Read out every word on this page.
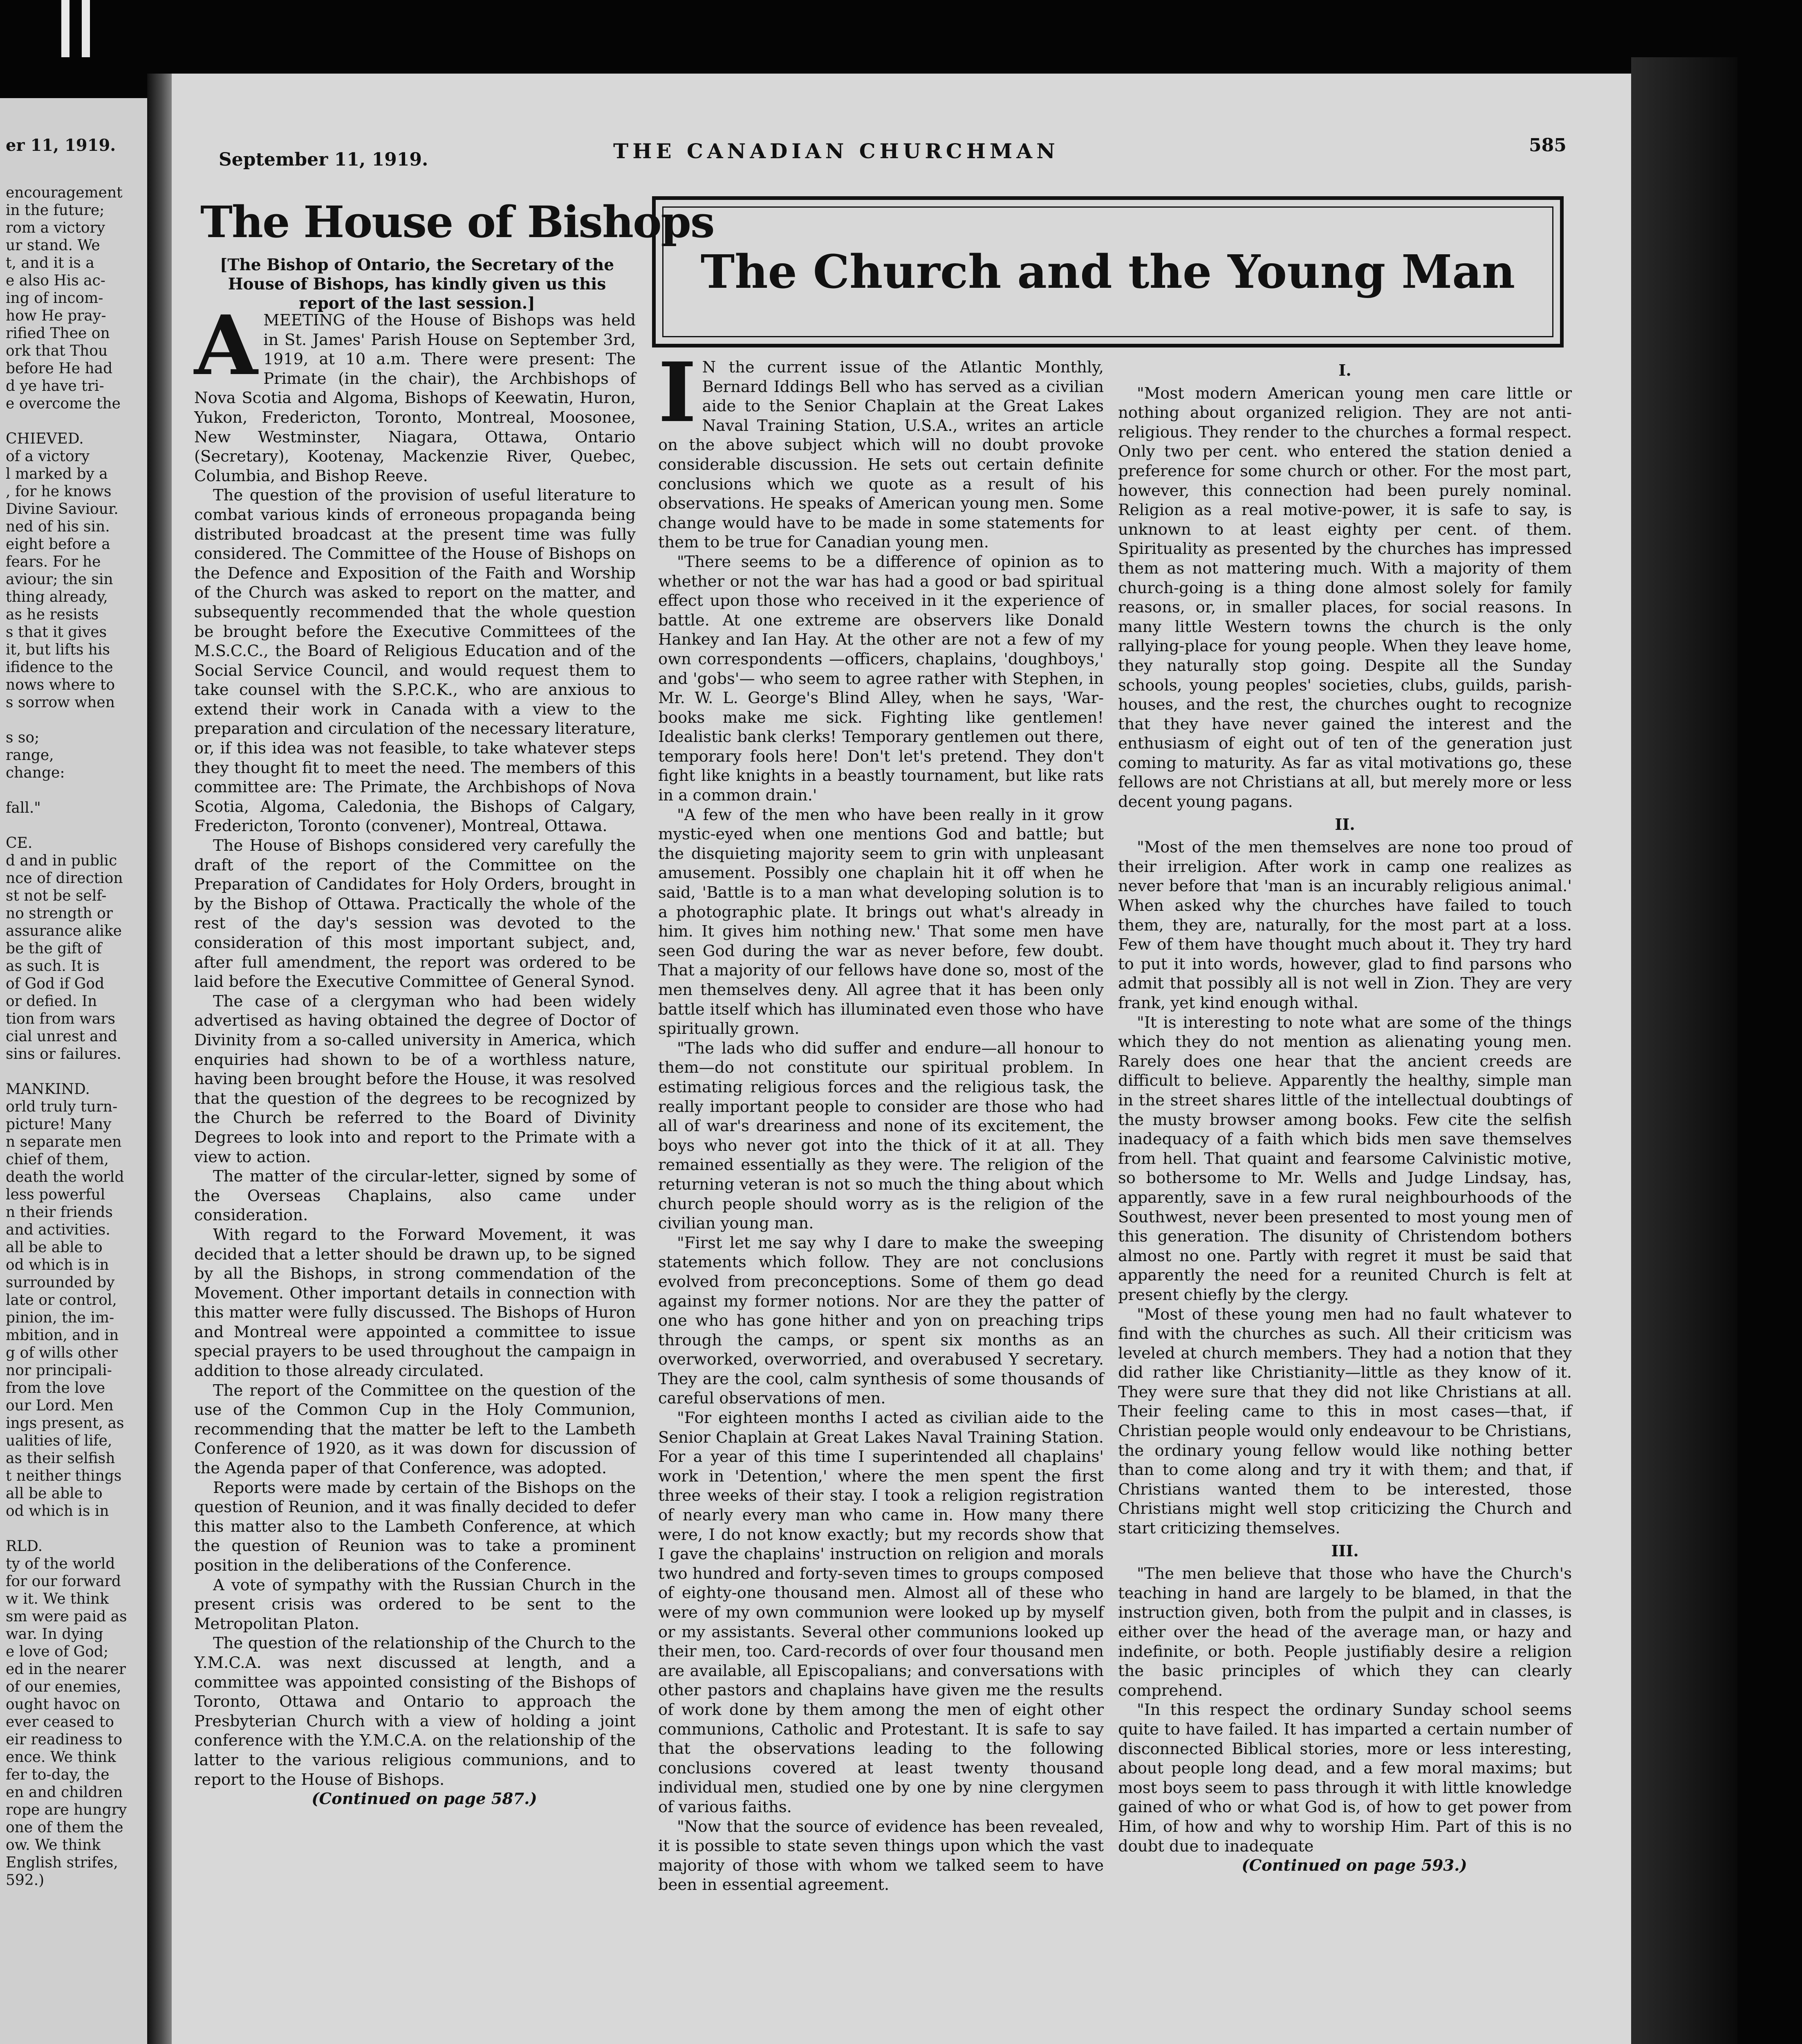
er 11, 1919.
encouragement
in the future;
rom a victory
ur stand. We
t, and it is a
e also His ac-
ing of incom-
how He pray-
rified Thee on
ork that Thou
before He had
d ye have tri-
e overcome the

CHIEVED.
of a victory
l marked by a
, for he knows
Divine Saviour.
ned of his sin.
eight before a
fears. For he
aviour; the sin
thing already,
as he resists
s that it gives
it, but lifts his
ifidence to the
nows where to
s sorrow when

s so;
range,
change:

fall."

CE.
d and in public
nce of direction
st not be self-
no strength or
assurance alike
be the gift of
as such. It is
of God if God
or defied. In
tion from wars
cial unrest and
sins or failures.

MANKIND.
orld truly turn-
picture! Many
n separate men
chief of them,
death the world
less powerful
n their friends
and activities.
all be able to
od which is in
surrounded by
late or control,
pinion, the im-
mbition, and in
g of wills other
nor principali-
from the love
our Lord. Men
ings present, as
ualities of life,
as their selfish
t neither things
all be able to
od which is in

RLD.
ty of the world
for our forward
w it. We think
sm were paid as
war. In dying
e love of God;
ed in the nearer
of our enemies,
ought havoc on
ever ceased to
eir readiness to
ence. We think
fer to-day, the
en and children
rope are hungry
one of them the
ow. We think
English strifes,
592.)
September 11, 1919.	THE CANADIAN CHURCHMAN	585
The House of Bishops
[The Bishop of Ontario, the Secretary of the House of Bishops, has kindly given us this report of the last session.]

AMEETING of the House of Bishops was held in St. James' Parish House on September 3rd, 1919, at 10 a.m. There were present: The Primate (in the chair), the Archbishops of Nova Scotia and Algoma, Bishops of Keewatin, Huron, Yukon, Fredericton, Toronto, Montreal, Moosonee, New Westminster, Niagara, Ottawa, Ontario (Secretary), Kootenay, Mackenzie River, Quebec, Columbia, and Bishop Reeve.

The question of the provision of useful literature to combat various kinds of erroneous propaganda being distributed broadcast at the present time was fully considered. The Committee of the House of Bishops on the Defence and Exposition of the Faith and Worship of the Church was asked to report on the matter, and subsequently recommended that the whole question be brought before the Executive Committees of the M.S.C.C., the Board of Religious Education and of the Social Service Council, and would request them to take counsel with the S.P.C.K., who are anxious to extend their work in Canada with a view to the preparation and circulation of the necessary literature, or, if this idea was not feasible, to take whatever steps they thought fit to meet the need. The members of this committee are: The Primate, the Archbishops of Nova Scotia, Algoma, Caledonia, the Bishops of Calgary, Fredericton, Toronto (convener), Montreal, Ottawa.

The House of Bishops considered very carefully the draft of the report of the Committee on the Preparation of Candidates for Holy Orders, brought in by the Bishop of Ottawa. Practically the whole of the rest of the day's session was devoted to the consideration of this most important subject, and, after full amendment, the report was ordered to be laid before the Executive Committee of General Synod.

The case of a clergyman who had been widely advertised as having obtained the degree of Doctor of Divinity from a so-called university in America, which enquiries had shown to be of a worthless nature, having been brought before the House, it was resolved that the question of the degrees to be recognized by the Church be referred to the Board of Divinity Degrees to look into and report to the Primate with a view to action.

The matter of the circular-letter, signed by some of the Overseas Chaplains, also came under consideration.

With regard to the Forward Movement, it was decided that a letter should be drawn up, to be signed by all the Bishops, in strong commendation of the Movement. Other important details in connection with this matter were fully discussed. The Bishops of Huron and Montreal were appointed a committee to issue special prayers to be used throughout the campaign in addition to those already circulated.

The report of the Committee on the question of the use of the Common Cup in the Holy Communion, recommending that the matter be left to the Lambeth Conference of 1920, as it was down for discussion of the Agenda paper of that Conference, was adopted.

Reports were made by certain of the Bishops on the question of Reunion, and it was finally decided to defer this matter also to the Lambeth Conference, at which the question of Reunion was to take a prominent position in the deliberations of the Conference.

A vote of sympathy with the Russian Church in the present crisis was ordered to be sent to the Metropolitan Platon.

The question of the relationship of the Church to the Y.M.C.A. was next discussed at length, and a committee was appointed consisting of the Bishops of Toronto, Ottawa and Ontario to approach the Presbyterian Church with a view of holding a joint conference with the Y.M.C.A. on the relationship of the latter to the various religious communions, and to report to the House of Bishops.

(Continued on page 587.)

The Church and the Young Man

I N the current issue of the Atlantic Monthly, Bernard Iddings Bell who has served as a civilian aide to the Senior Chaplain at the Great Lakes Naval Training Station, U.S.A., writes an article on the above subject which will no doubt provoke considerable discussion. He sets out certain definite conclusions which we quote as a result of his observations. He speaks of American young men. Some change would have to be made in some statements for them to be true for Canadian young men.

"There seems to be a difference of opinion as to whether or not the war has had a good or bad spiritual effect upon those who received in it the experience of battle. At one extreme are observers like Donald Hankey and Ian Hay. At the other are not a few of my own correspondents —officers, chaplains, 'doughboys,' and 'gobs'— who seem to agree rather with Stephen, in Mr. W. L. George's Blind Alley, when he says, 'War-books make me sick. Fighting like gentlemen! Idealistic bank clerks! Temporary gentlemen out there, temporary fools here! Don't let's pretend. They don't fight like knights in a beastly tournament, but like rats in a common drain.'

"A few of the men who have been really in it grow mystic-eyed when one mentions God and battle; but the disquieting majority seem to grin with unpleasant amusement. Possibly one chaplain hit it off when he said, 'Battle is to a man what developing solution is to a photographic plate. It brings out what's already in him. It gives him nothing new.' That some men have seen God during the war as never before, few doubt. That a majority of our fellows have done so, most of the men themselves deny. All agree that it has been only battle itself which has illuminated even those who have spiritually grown.

"The lads who did suffer and endure—all honour to them—do not constitute our spiritual problem. In estimating religious forces and the religious task, the really important people to consider are those who had all of war's dreariness and none of its excitement, the boys who never got into the thick of it at all. They remained essentially as they were. The religion of the returning veteran is not so much the thing about which church people should worry as is the religion of the civilian young man.

"First let me say why I dare to make the sweeping statements which follow. They are not conclusions evolved from preconceptions. Some of them go dead against my former notions. Nor are they the patter of one who has gone hither and yon on preaching trips through the camps, or spent six months as an overworked, overworried, and overabused Y secretary. They are the cool, calm synthesis of some thousands of careful observations of men.

"For eighteen months I acted as civilian aide to the Senior Chaplain at Great Lakes Naval Training Station. For a year of this time I superintended all chaplains' work in 'Detention,' where the men spent the first three weeks of their stay. I took a religion registration of nearly every man who came in. How many there were, I do not know exactly; but my records show that I gave the chaplains' instruction on religion and morals two hundred and forty-seven times to groups composed of eighty-one thousand men. Almost all of these who were of my own communion were looked up by myself or my assistants. Several other communions looked up their men, too. Card-records of over four thousand men are available, all Episcopalians; and conversations with other pastors and chaplains have given me the results of work done by them among the men of eight other communions, Catholic and Protestant. It is safe to say that the observations leading to the following conclusions covered at least twenty thousand individual men, studied one by one by nine clergymen of various faiths.

"Now that the source of evidence has been revealed, it is possible to state seven things upon which the vast majority of those with whom we talked seem to have been in essential agreement.

I.

"Most modern American young men care little or nothing about organized religion. They are not anti-religious. They render to the churches a formal respect. Only two per cent. who entered the station denied a preference for some church or other. For the most part, however, this connection had been purely nominal. Religion as a real motive-power, it is safe to say, is unknown to at least eighty per cent. of them. Spirituality as presented by the churches has impressed them as not mattering much. With a majority of them church-going is a thing done almost solely for family reasons, or, in smaller places, for social reasons. In many little Western towns the church is the only rallying-place for young people. When they leave home, they naturally stop going. Despite all the Sunday schools, young peoples' societies, clubs, guilds, parish-houses, and the rest, the churches ought to recognize that they have never gained the interest and the enthusiasm of eight out of ten of the generation just coming to maturity. As far as vital motivations go, these fellows are not Christians at all, but merely more or less decent young pagans.

II.

"Most of the men themselves are none too proud of their irreligion. After work in camp one realizes as never before that 'man is an incurably religious animal.' When asked why the churches have failed to touch them, they are, naturally, for the most part at a loss. Few of them have thought much about it. They try hard to put it into words, however, glad to find parsons who admit that possibly all is not well in Zion. They are very frank, yet kind enough withal.

"It is interesting to note what are some of the things which they do not mention as alienating young men. Rarely does one hear that the ancient creeds are difficult to believe. Apparently the healthy, simple man in the street shares little of the intellectual doubtings of the musty browser among books. Few cite the selfish inadequacy of a faith which bids men save themselves from hell. That quaint and fearsome Calvinistic motive, so bothersome to Mr. Wells and Judge Lindsay, has, apparently, save in a few rural neighbourhoods of the Southwest, never been presented to most young men of this generation. The disunity of Christendom bothers almost no one. Partly with regret it must be said that apparently the need for a reunited Church is felt at present chiefly by the clergy.

"Most of these young men had no fault whatever to find with the churches as such. All their criticism was leveled at church members. They had a notion that they did rather like Christianity—little as they know of it. They were sure that they did not like Christians at all. Their feeling came to this in most cases—that, if Christian people would only endeavour to be Christians, the ordinary young fellow would like nothing better than to come along and try it with them; and that, if Christians wanted them to be interested, those Christians might well stop criticizing the Church and start criticizing themselves.

III.

"The men believe that those who have the Church's teaching in hand are largely to be blamed, in that the instruction given, both from the pulpit and in classes, is either over the head of the average man, or hazy and indefinite, or both. People justifiably desire a religion the basic principles of which they can clearly comprehend.

"In this respect the ordinary Sunday school seems quite to have failed. It has imparted a certain number of disconnected Biblical stories, more or less interesting, about people long dead, and a few moral maxims; but most boys seem to pass through it with little knowledge gained of who or what God is, of how to get power from Him, of how and why to worship Him. Part of this is no doubt due to inadequate

(Continued on page 593.)
